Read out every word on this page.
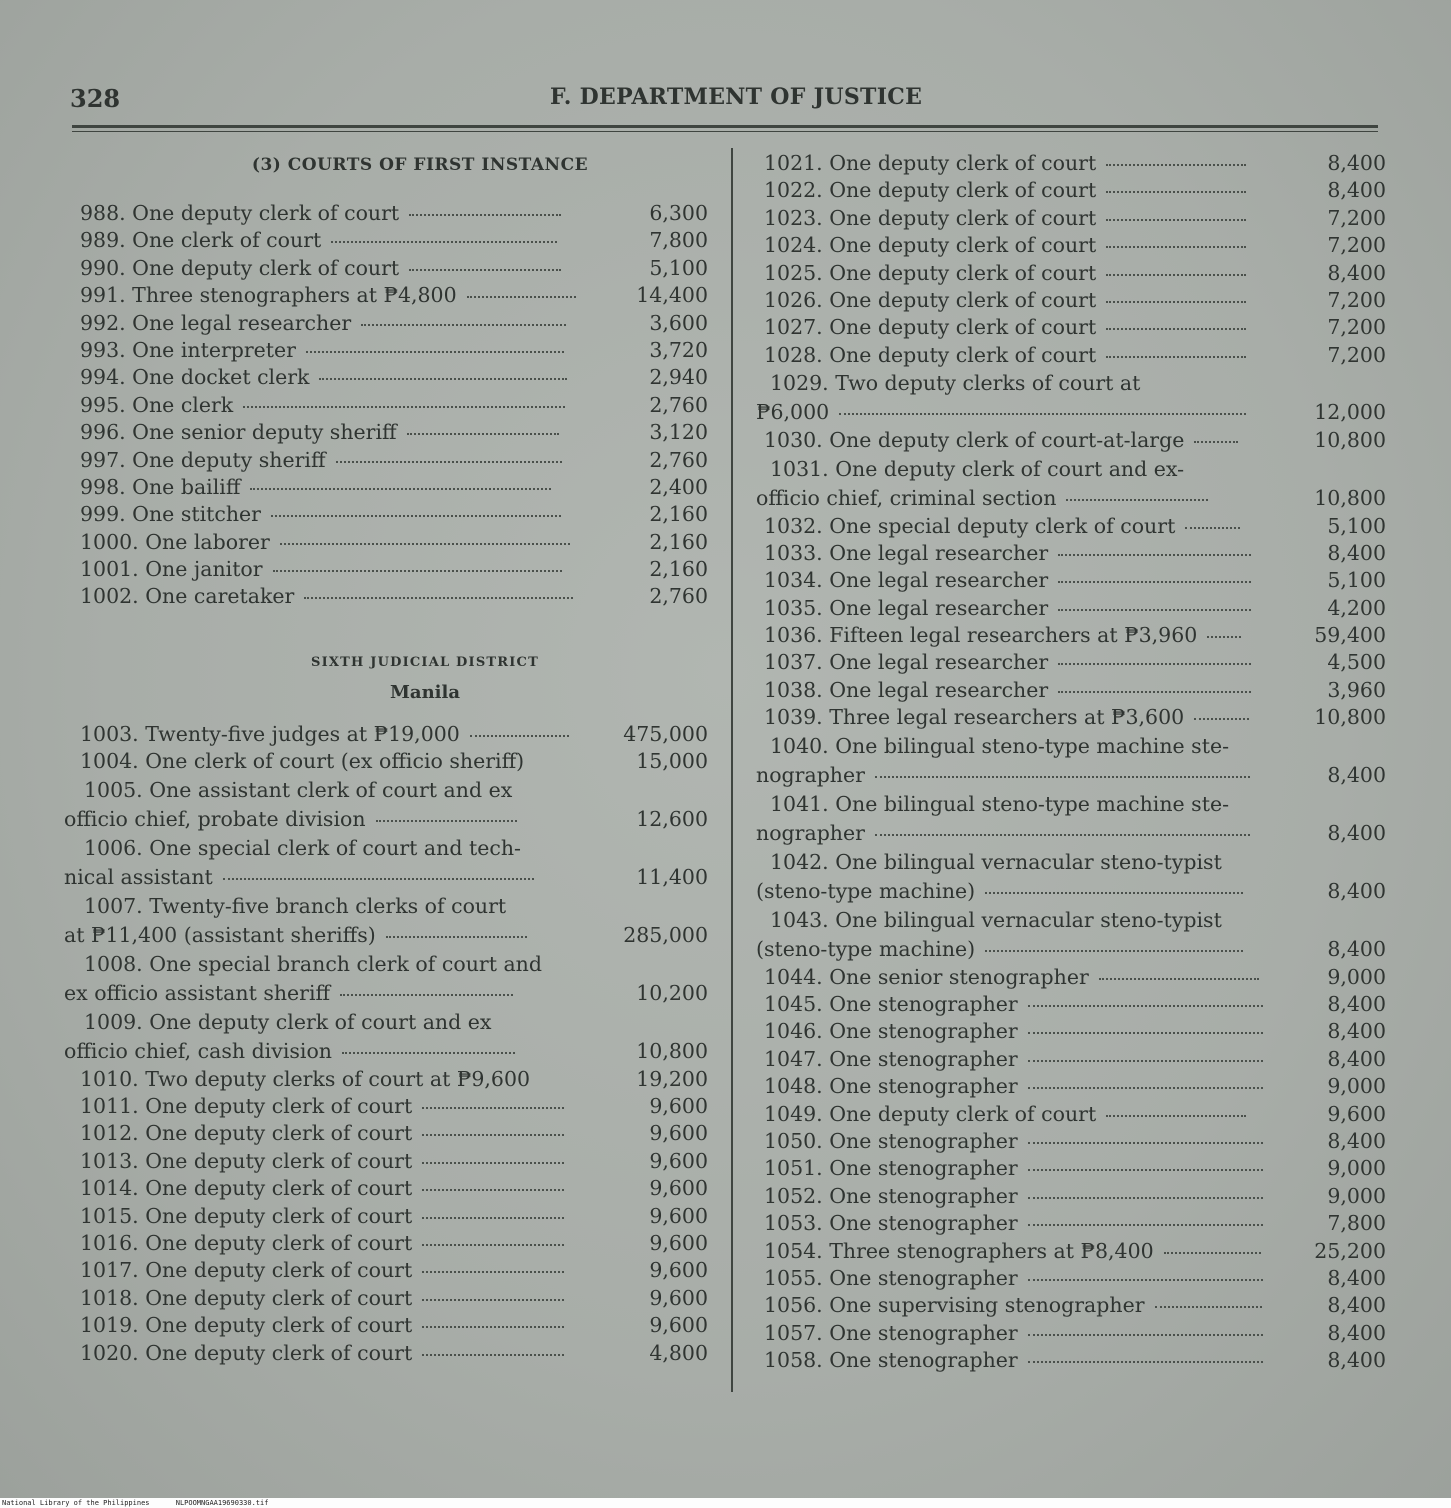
328	F. DEPARTMENT OF JUSTICE
(3) COURTS OF FIRST INSTANCE
988. One deputy clerk of court	6,300
989. One clerk of court	7,800
990. One deputy clerk of court	5,100
991. Three stenographers at ₱4,800	14,400
992. One legal researcher	3,600
993. One interpreter	3,720
994. One docket clerk	2,940
995. One clerk	2,760
996. One senior deputy sheriff	3,120
997. One deputy sheriff	2,760
998. One bailiff	2,400
999. One stitcher	2,160
1000. One laborer	2,160
1001. One janitor	2,160
1002. One caretaker	2,760
SIXTH JUDICIAL DISTRICT
Manila
1003. Twenty-five judges at ₱19,000	475,000
1004. One clerk of court (ex officio sheriff)	15,000
1005. One assistant clerk of court and ex
officio chief, probate division	12,600
1006. One special clerk of court and tech-
nical assistant	11,400
1007. Twenty-five branch clerks of court
at ₱11,400 (assistant sheriffs)	285,000
1008. One special branch clerk of court and
ex officio assistant sheriff	10,200
1009. One deputy clerk of court and ex
officio chief, cash division	10,800
1010. Two deputy clerks of court at ₱9,600	19,200
1011. One deputy clerk of court	9,600
1012. One deputy clerk of court	9,600
1013. One deputy clerk of court	9,600
1014. One deputy clerk of court	9,600
1015. One deputy clerk of court	9,600
1016. One deputy clerk of court	9,600
1017. One deputy clerk of court	9,600
1018. One deputy clerk of court	9,600
1019. One deputy clerk of court	9,600
1020. One deputy clerk of court	4,800
1021. One deputy clerk of court	8,400
1022. One deputy clerk of court	8,400
1023. One deputy clerk of court	7,200
1024. One deputy clerk of court	7,200
1025. One deputy clerk of court	8,400
1026. One deputy clerk of court	7,200
1027. One deputy clerk of court	7,200
1028. One deputy clerk of court	7,200
1029. Two deputy clerks of court at
₱6,000	12,000
1030. One deputy clerk of court-at-large	10,800
1031. One deputy clerk of court and ex-
officio chief, criminal section	10,800
1032. One special deputy clerk of court	5,100
1033. One legal researcher	8,400
1034. One legal researcher	5,100
1035. One legal researcher	4,200
1036. Fifteen legal researchers at ₱3,960	59,400
1037. One legal researcher	4,500
1038. One legal researcher	3,960
1039. Three legal researchers at ₱3,600	10,800
1040. One bilingual steno-type machine ste-
nographer	8,400
1041. One bilingual steno-type machine ste-
nographer	8,400
1042. One bilingual vernacular steno-typist
(steno-type machine)	8,400
1043. One bilingual vernacular steno-typist
(steno-type machine)	8,400
1044. One senior stenographer	9,000
1045. One stenographer	8,400
1046. One stenographer	8,400
1047. One stenographer	8,400
1048. One stenographer	9,000
1049. One deputy clerk of court	9,600
1050. One stenographer	8,400
1051. One stenographer	9,000
1052. One stenographer	9,000
1053. One stenographer	7,800
1054. Three stenographers at ₱8,400	25,200
1055. One stenographer	8,400
1056. One supervising stenographer	8,400
1057. One stenographer	8,400
1058. One stenographer	8,400
National Library of the Philippines	NLPOOMNGAA19690330.tif
